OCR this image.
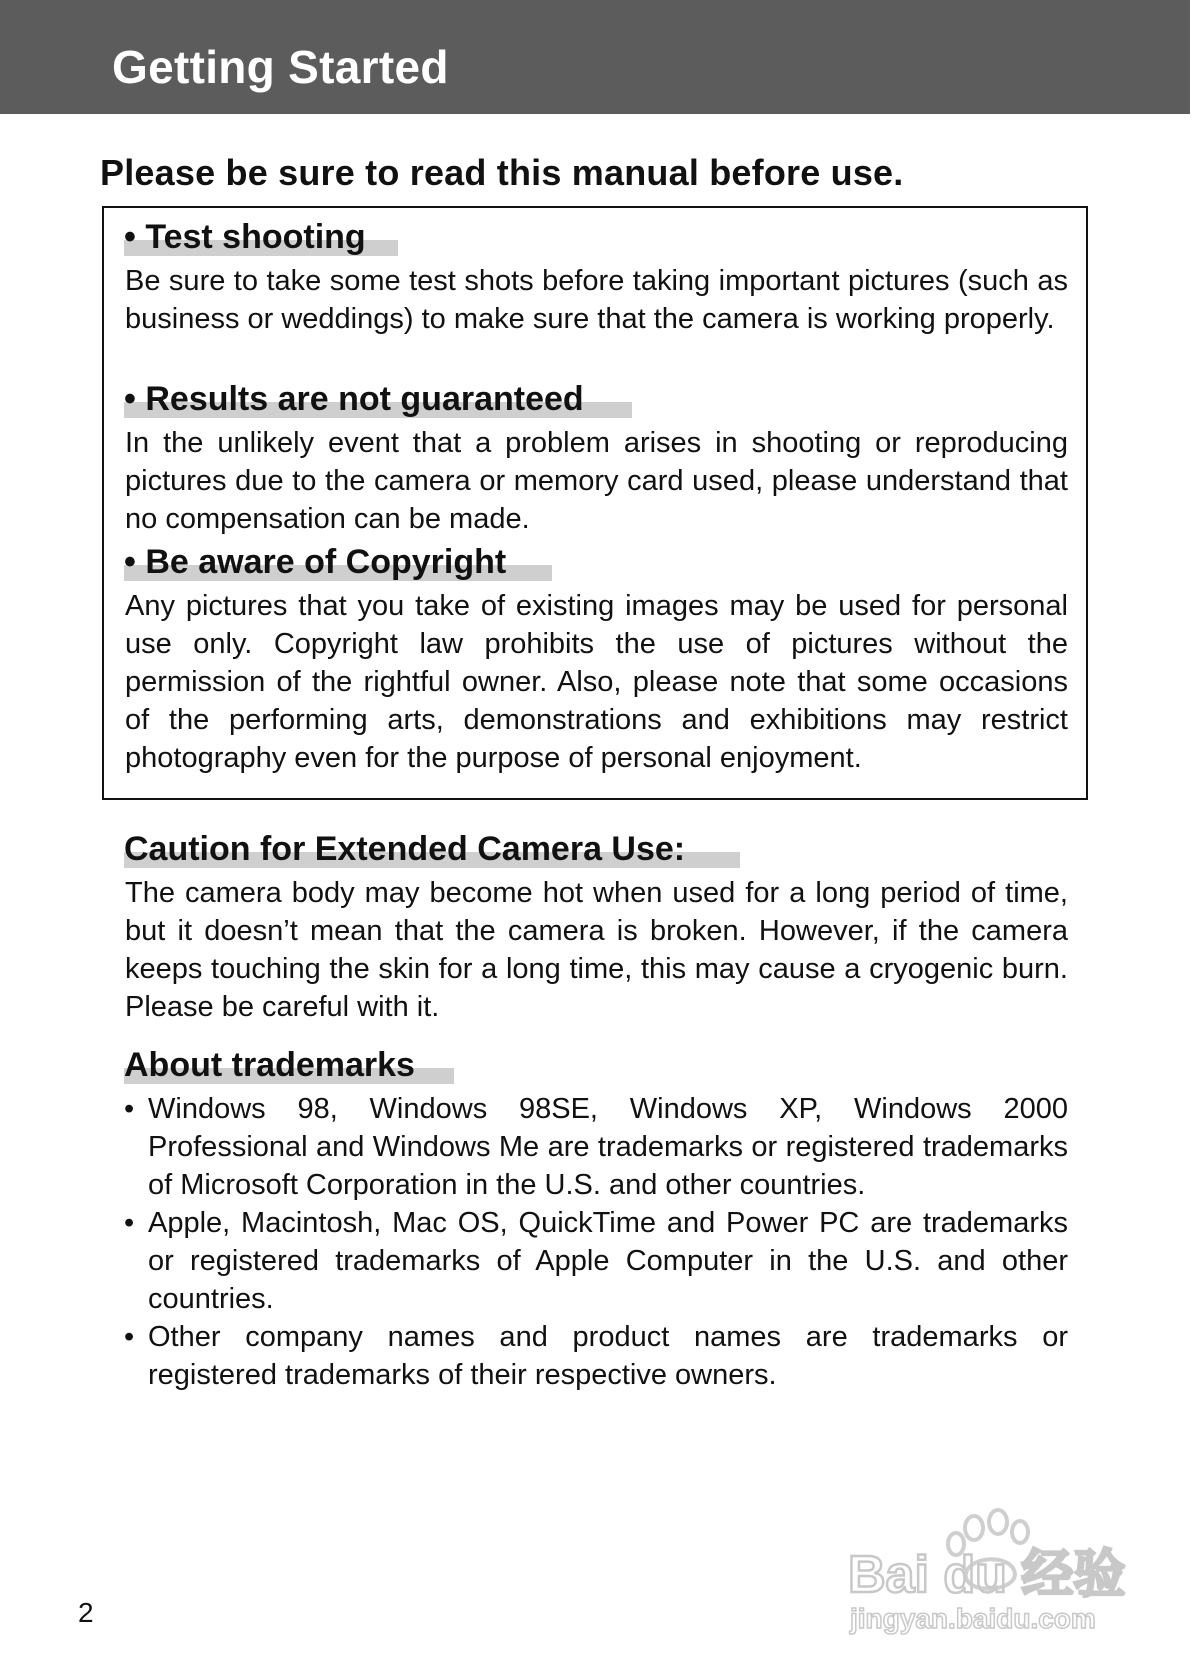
Getting Started
Please be sure to read this manual before use.
• Test shooting
Be sure to take some test shots before taking important pictures (such as business or weddings) to make sure that the camera is working properly.
• Results are not guaranteed
In the unlikely event that a problem arises in shooting or reproducing pictures due to the camera or memory card used, please understand that no compensation can be made.
• Be aware of Copyright
Any pictures that you take of existing images may be used for personal use only. Copyright law prohibits the use of pictures without the permission of the rightful owner. Also, please note that some occasions of the performing arts, demonstrations and exhibitions may restrict photography even for the purpose of personal enjoyment.
Caution for Extended Camera Use:
The camera body may become hot when used for a long period of time, but it doesn’t mean that the camera is broken. However, if the camera keeps touching the skin for a long time, this may cause a cryogenic burn. Please be careful with it.
About trademarks
• Windows 98, Windows 98SE, Windows XP, Windows 2000 Professional and Windows Me are trademarks or registered trademarks of Microsoft Corporation in the U.S. and other countries.
• Apple, Macintosh, Mac OS, QuickTime and Power PC are trademarks or registered trademarks of Apple Computer in the U.S. and other countries.
• Other company names and product names are trademarks or registered trademarks of their respective owners.
2
Bai du 经验
jingyan.baidu.com
